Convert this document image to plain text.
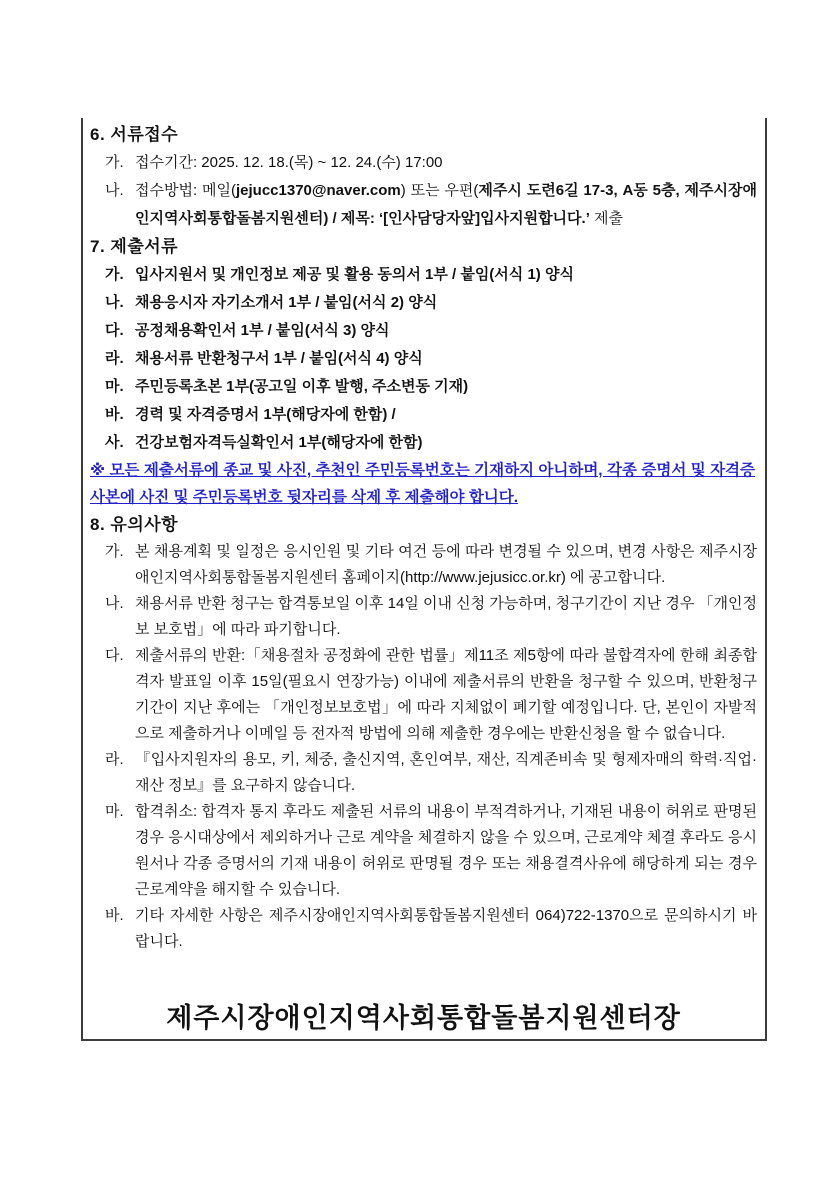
6. 서류접수
가. 접수기간: 2025. 12. 18.(목) ~ 12. 24.(수) 17:00
나. 접수방법: 메일(jejucc1370@naver.com) 또는 우편(제주시 도련6길 17-3, A동 5층, 제주시장애인지역사회통합돌봄지원센터) / 제목: ‘[인사담당자앞]입사지원합니다.’ 제출
7. 제출서류
가. 입사지원서 및 개인정보 제공 및 활용 동의서 1부 / 붙임(서식 1) 양식
나. 채용응시자 자기소개서 1부 / 붙임(서식 2) 양식
다. 공정채용확인서 1부 / 붙임(서식 3) 양식
라. 채용서류 반환청구서 1부 / 붙임(서식 4) 양식
마. 주민등록초본 1부(공고일 이후 발행, 주소변동 기재)
바. 경력 및 자격증명서 1부(해당자에 한함) /
사. 건강보험자격득실확인서 1부(해당자에 한함)
※ 모든 제출서류에 종교 및 사진, 추천인 주민등록번호는 기재하지 아니하며, 각종 증명서 및 자격증 사본에 사진 및 주민등록번호 뒷자리를 삭제 후 제출해야 합니다.
8. 유의사항
가. 본 채용계획 및 일정은 응시인원 및 기타 여건 등에 따라 변경될 수 있으며, 변경 사항은 제주시장애인지역사회통합돌봄지원센터 홈페이지(http://www.jejusicc.or.kr) 에 공고합니다.
나. 채용서류 반환 청구는 합격통보일 이후 14일 이내 신청 가능하며, 청구기간이 지난 경우 「개인정보 보호법」에 따라 파기합니다.
다. 제출서류의 반환:「채용절차 공정화에 관한 법률」제11조 제5항에 따라 불합격자에 한해 최종합격자 발표일 이후 15일(필요시 연장가능) 이내에 제출서류의 반환을 청구할 수 있으며, 반환청구기간이 지난 후에는 「개인정보보호법」에 따라 지체없이 폐기할 예정입니다. 단, 본인이 자발적으로 제출하거나 이메일 등 전자적 방법에 의해 제출한 경우에는 반환신청을 할 수 없습니다.
라. 『입사지원자의 용모, 키, 체중, 출신지역, 혼인여부, 재산, 직계존비속 및 형제자매의 학력·직업·재산 정보』를 요구하지 않습니다.
마. 합격취소: 합격자 통지 후라도 제출된 서류의 내용이 부적격하거나, 기재된 내용이 허위로 판명된 경우 응시대상에서 제외하거나 근로 계약을 체결하지 않을 수 있으며, 근로계약 체결 후라도 응시원서나 각종 증명서의 기재 내용이 허위로 판명될 경우 또는 채용결격사유에 해당하게 되는 경우 근로계약을 해지할 수 있습니다.
바. 기타 자세한 사항은 제주시장애인지역사회통합돌봄지원센터 064)722-1370으로 문의하시기 바랍니다.
제주시장애인지역사회통합돌봄지원센터장
